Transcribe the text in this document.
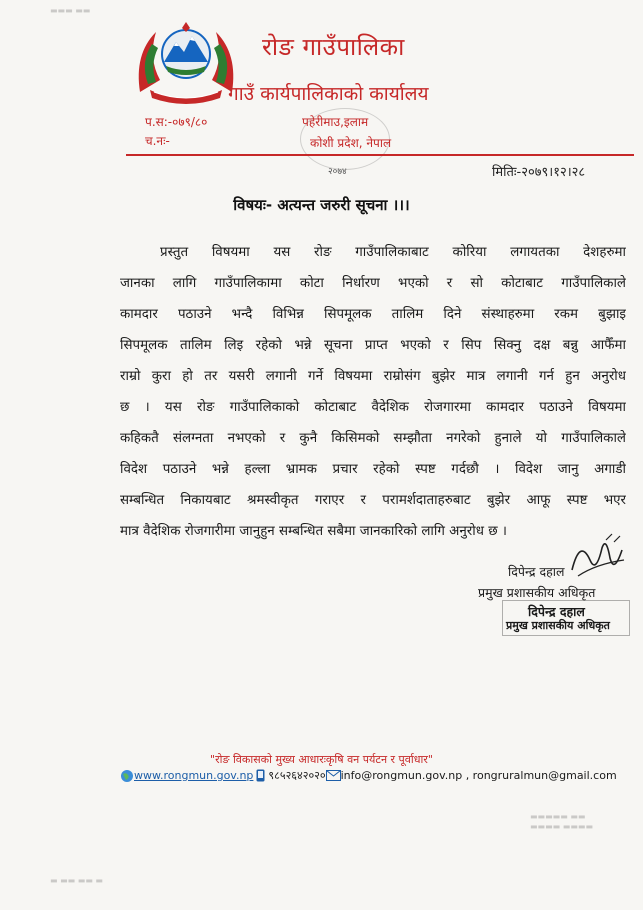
रोङ गाउँपालिका
गाउँ कार्यपालिकाको कार्यालय
प.स:-०७९/८०
च.नः-
पहेरीमाउ,इलाम
कोशी प्रदेश, नेपाल
२०७४	मितिः-२०७९।१२।२८
विषयः- अत्यन्त जरुरी सूचना ।।।
प्रस्तुत विषयमा यस रोङ गाउँपालिकाबाट कोरिया लगायतका देशहरुमा
जानका लागि गाउँपालिकामा कोटा निर्धारण भएको र सो कोटाबाट गाउँपालिकाले
कामदार पठाउने भन्दै विभिन्न सिपमूलक तालिम दिने संस्थाहरुमा रकम बुझाइ
सिपमूलक तालिम लिइ रहेको भन्ने सूचना प्राप्त भएको र सिप सिक्नु दक्ष बन्नु आफैँमा
राम्रो कुरा हो तर यसरी लगानी गर्ने विषयमा राम्रोसंग बुझेर मात्र लगानी गर्न हुन अनुरोध
छ । यस रोङ गाउँपालिकाको कोटाबाट वैदेशिक रोजगारमा कामदार पठाउने विषयमा
कहिकतै संलग्नता नभएको र कुनै किसिमको सम्झौता नगरेको हुनाले यो गाउँपालिकाले
विदेश पठाउने भन्ने हल्ला भ्रामक प्रचार रहेको स्पष्ट गर्दछौ । विदेश जानु अगाडी
सम्बन्धित निकायबाट श्रमस्वीकृत गराएर र परामर्शदाताहरुबाट बुझेर आफू स्पष्ट भएर
मात्र वैदेशिक रोजगारीमा जानुहुन सम्बन्धित सबैमा जानकारिको लागि अनुरोध छ ।
दिपेन्द्र दहाल
प्रमुख प्रशासकीय अधिकृत
दिपेन्द्र दहाल
प्रमुख प्रशासकीय अधिकृत
"रोङ विकासको मुख्य आधारःकृषि वन पर्यटन र पूर्वाधार"
www.rongmun.gov.np ९८५२६४२०२० info@rongmun.gov.np , rongruralmun@gmail.com
▬▬▬ ▬▬
▬ ▬▬ ▬▬ ▬
▬▬▬▬▬ ▬▬
▬▬▬▬ ▬▬▬▬
